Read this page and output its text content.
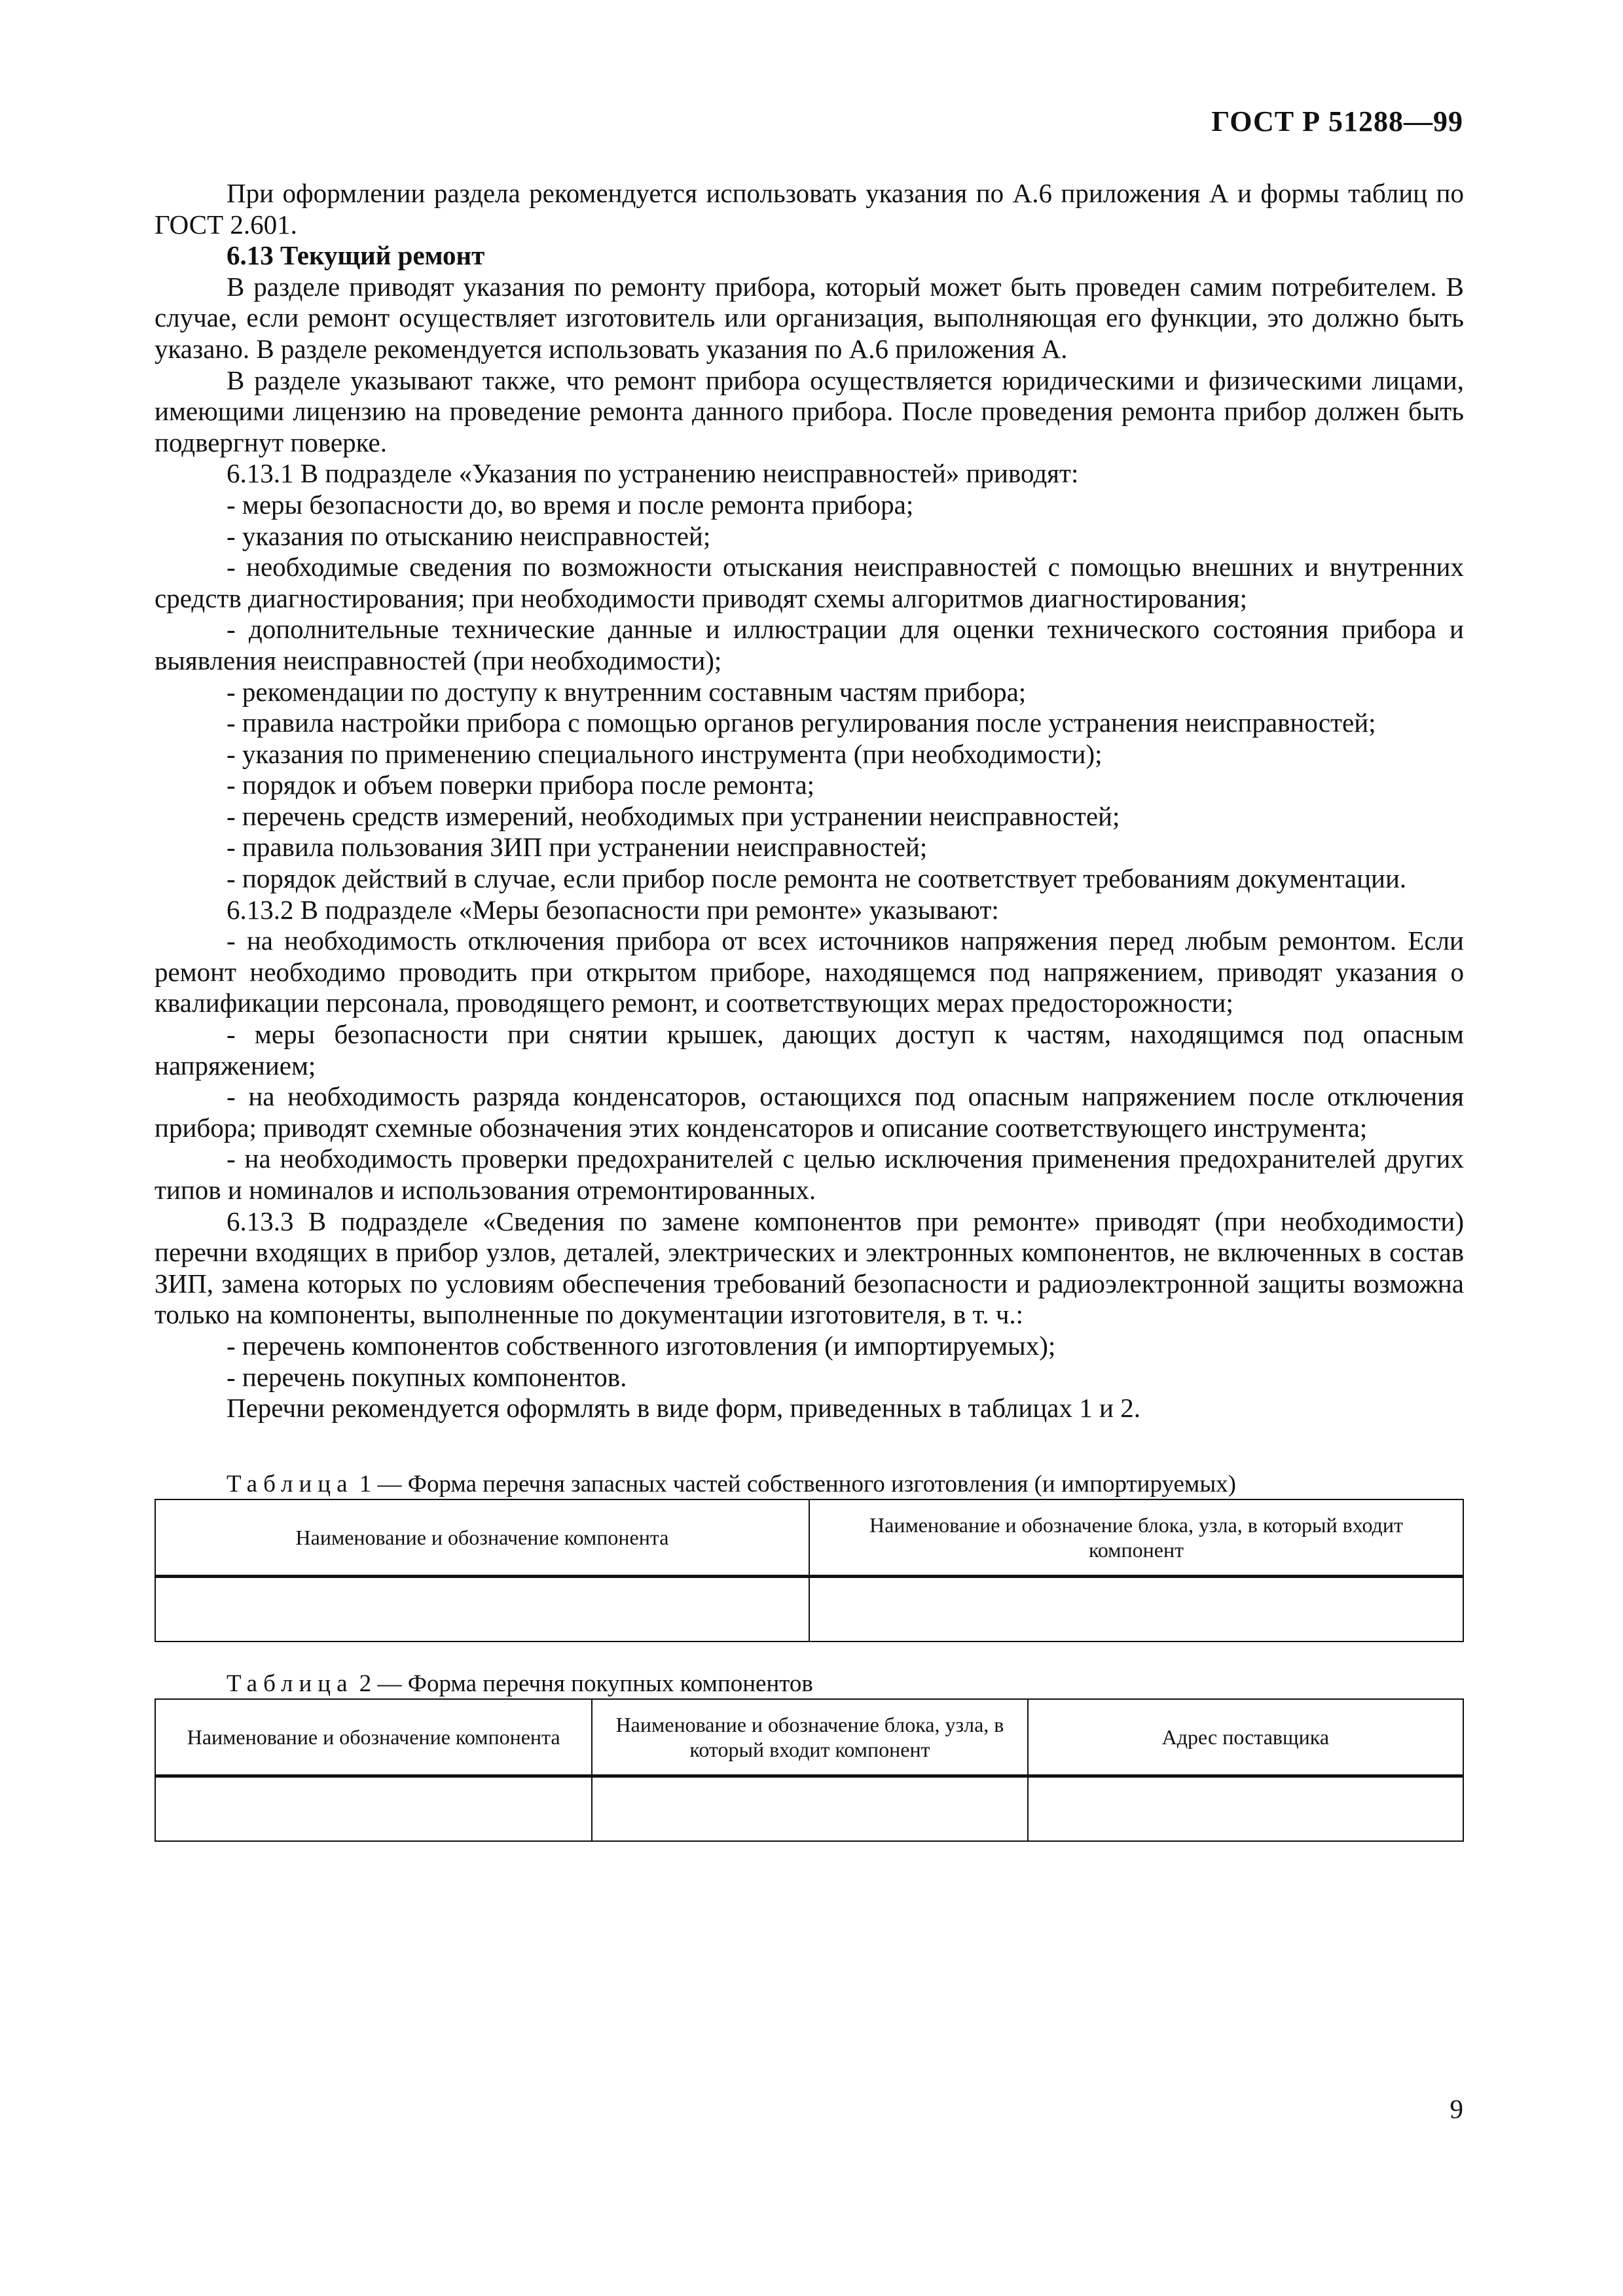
ГОСТ Р 51288—99

При оформлении раздела рекомендуется использовать указания по А.6 приложения А и формы таблиц по ГОСТ 2.601.

6.13 Текущий ремонт

В разделе приводят указания по ремонту прибора, который может быть проведен самим потребителем. В случае, если ремонт осуществляет изготовитель или организация, выполняющая его функции, это должно быть указано. В разделе рекомендуется использовать указания по А.6 приложения А.

В разделе указывают также, что ремонт прибора осуществляется юридическими и физическими лицами, имеющими лицензию на проведение ремонта данного прибора. После проведения ремонта прибор должен быть подвергнут поверке.

6.13.1 В подразделе «Указания по устранению неисправностей» приводят:

- меры безопасности до, во время и после ремонта прибора;

- указания по отысканию неисправностей;

- необходимые сведения по возможности отыскания неисправностей с помощью внешних и внутренних средств диагностирования; при необходимости приводят схемы алгоритмов диагностирования;

- дополнительные технические данные и иллюстрации для оценки технического состояния прибора и выявления неисправностей (при необходимости);

- рекомендации по доступу к внутренним составным частям прибора;

- правила настройки прибора с помощью органов регулирования после устранения неисправностей;

- указания по применению специального инструмента (при необходимости);

- порядок и объем поверки прибора после ремонта;

- перечень средств измерений, необходимых при устранении неисправностей;

- правила пользования ЗИП при устранении неисправностей;

- порядок действий в случае, если прибор после ремонта не соответствует требованиям документации.

6.13.2 В подразделе «Меры безопасности при ремонте» указывают:

- на необходимость отключения прибора от всех источников напряжения перед любым ремонтом. Если ремонт необходимо проводить при открытом приборе, находящемся под напряжением, приводят указания о квалификации персонала, проводящего ремонт, и соответствующих мерах предосторожности;

- меры безопасности при снятии крышек, дающих доступ к частям, находящимся под опасным напряжением;

- на необходимость разряда конденсаторов, остающихся под опасным напряжением после отключения прибора; приводят схемные обозначения этих конденсаторов и описание соответствующего инструмента;

- на необходимость проверки предохранителей с целью исключения применения предохранителей других типов и номиналов и использования отремонтированных.

6.13.3 В подразделе «Сведения по замене компонентов при ремонте» приводят (при необходимости) перечни входящих в прибор узлов, деталей, электрических и электронных компонентов, не включенных в состав ЗИП, замена которых по условиям обеспечения требований безопасности и радиоэлектронной защиты возможна только на компоненты, выполненные по документации изготовителя, в т. ч.:

- перечень компонентов собственного изготовления (и импортируемых);

- перечень покупных компонентов.

Перечни рекомендуется оформлять в виде форм, приведенных в таблицах 1 и 2.

Таблица 1 — Форма перечня запасных частей собственного изготовления (и импортируемых)

Наименование и обозначение компонента	Наименование и обозначение блока, узла, в который входит компонент

Таблица 2 — Форма перечня покупных компонентов

Наименование и обозначение компонента	Наименование и обозначение блока, узла, в который входит компонент	Адрес поставщика

9
